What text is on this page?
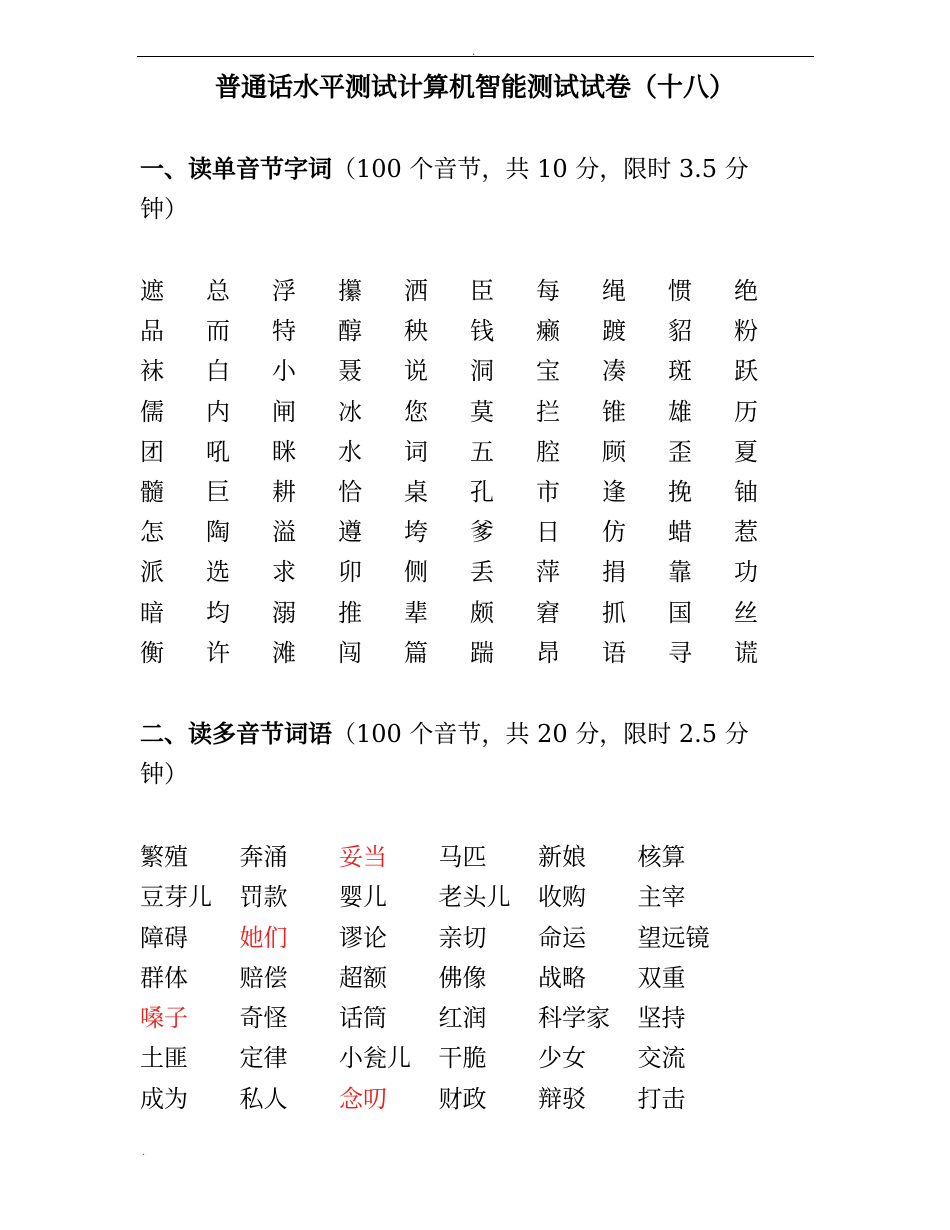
.
普通话水平测试计算机智能测试试卷（十八）
一、读单音节字词（100 个音节，共 10 分，限时 3.5 分
钟）
遮	总	浮	攥	洒	臣	每	绳	惯	绝
品	而	特	醇	秧	钱	癞	踱	貂	粉
袜	白	小	聂	说	洞	宝	凑	斑	跃
儒	内	闸	冰	您	莫	拦	锥	雄	历
团	吼	眯	水	词	五	腔	顾	歪	夏
髓	巨	耕	恰	桌	孔	市	逢	挽	铀
怎	陶	溢	遵	垮	爹	日	仿	蜡	惹
派	选	求	卯	侧	丢	萍	捐	靠	功
暗	均	溺	推	辈	颇	窘	抓	国	丝
衡	许	滩	闯	篇	踹	昂	语	寻	谎
二、读多音节词语（100 个音节，共 20 分，限时 2.5 分
钟）
繁殖	奔涌	妥当	马匹	新娘	核算
豆芽儿	罚款	婴儿	老头儿	收购	主宰
障碍	她们	谬论	亲切	命运	望远镜
群体	赔偿	超额	佛像	战略	双重
嗓子	奇怪	话筒	红润	科学家	坚持
土匪	定律	小瓮儿	干脆	少女	交流
成为	私人	念叨	财政	辩驳	打击
.
